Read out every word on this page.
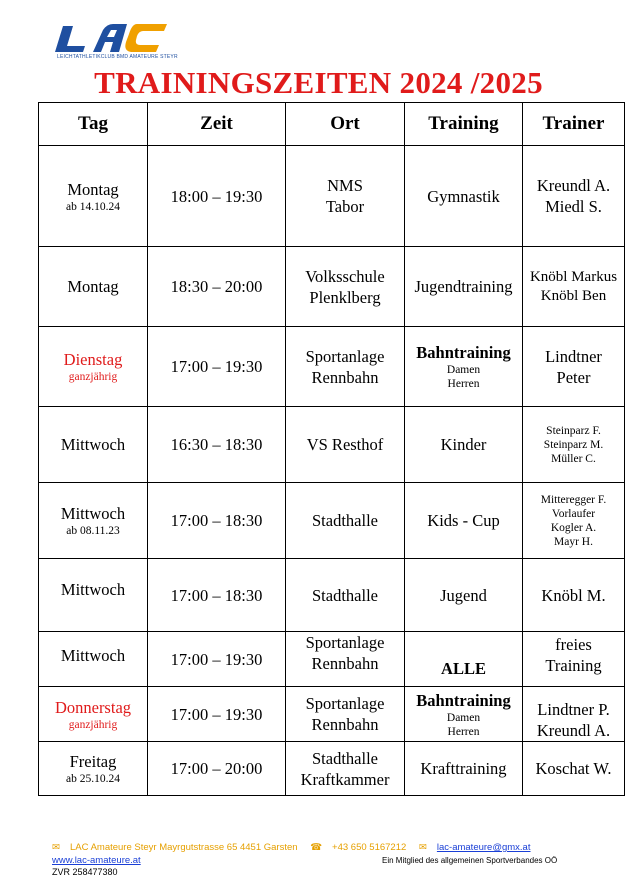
LEICHTATHLETIKCLUB BMD AMATEURE STEYR
TRAININGSZEITEN 2024 /2025
Tag	Zeit	Ort	Training	Trainer

Montag
ab 14.10.24	18:00 – 19:30	NMS
Tabor	Gymnastik	Kreundl A.
Miedl S.

Montag	18:30 – 20:00	Volksschule
Plenklberg	Jugendtraining	Knöbl Markus
Knöbl Ben

Dienstag
ganzjährig	17:00 – 19:30	Sportanlage
Rennbahn	Bahntraining
Damen
Herren	Lindtner
Peter

Mittwoch	16:30 – 18:30	VS Resthof	Kinder	Steinparz F.
Steinparz M.
Müller C.

Mittwoch
ab 08.11.23	17:00 – 18:30	Stadthalle	Kids - Cup	Mitteregger F.
Vorlaufer
Kogler A.
Mayr H.

Mittwoch	17:00 – 18:30	Stadthalle	Jugend	Knöbl M.

Mittwoch	17:00 – 19:30	Sportanlage
Rennbahn	ALLE	freies
Training

Donnerstag
ganzjährig	17:00 – 19:30	Sportanlage
Rennbahn	Bahntraining
Damen
Herren	Lindtner P.
Kreundl A.

Freitag
ab 25.10.24	17:00 – 20:00	Stadthalle
Kraftkammer	Krafttraining	Koschat W.
✉ LAC Amateure Steyr Mayrgutstrasse 65 4451 Garsten ☎ +43 650 5167212 ✉ lac-amateure@gmx.at
www.lac-amateure.at	Ein Mitglied des allgemeinen Sportverbandes OÖ
ZVR 258477380
